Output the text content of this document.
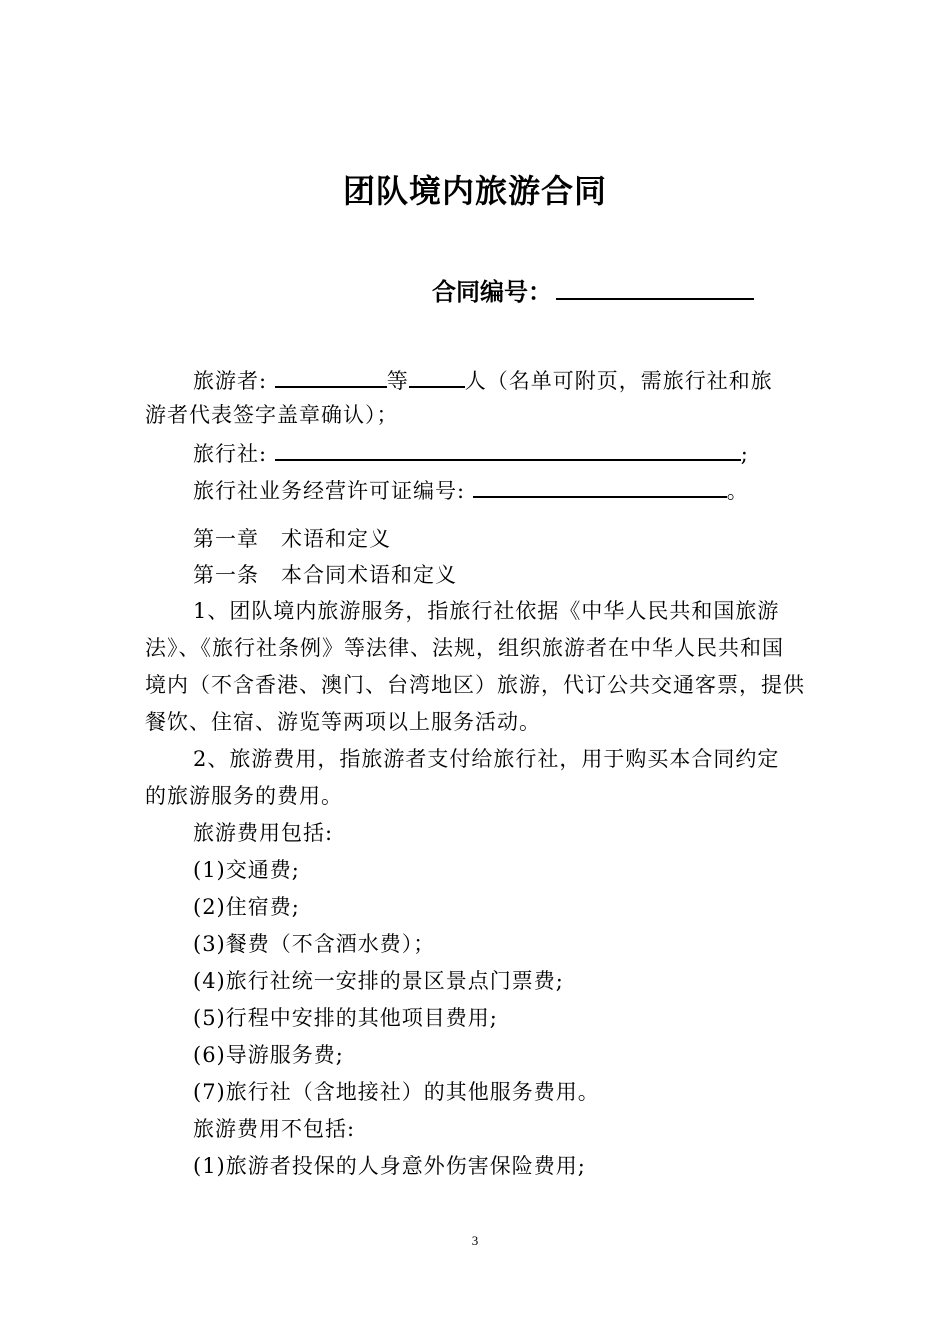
团队境内旅游合同
合同编号：
旅游者:	等	人（名单可附页，需旅行社和旅
游者代表签字盖章确认）；
旅行社:	;
旅行社业务经营许可证编号:	。
第一章　术语和定义
第一条　本合同术语和定义
1、团队境内旅游服务，指旅行社依据《中华人民共和国旅游
法》、《旅行社条例》等法律、法规，组织旅游者在中华人民共和国
境内（不含香港、澳门、台湾地区）旅游，代订公共交通客票，提供
餐饮、住宿、游览等两项以上服务活动。
2、旅游费用，指旅游者支付给旅行社，用于购买本合同约定
的旅游服务的费用。
旅游费用包括:
(1)交通费;
(2)住宿费;
(3)餐费（不含酒水费）；
(4)旅行社统一安排的景区景点门票费;
(5)行程中安排的其他项目费用;
(6)导游服务费;
(7)旅行社（含地接社）的其他服务费用。
旅游费用不包括:
(1)旅游者投保的人身意外伤害保险费用;
3
